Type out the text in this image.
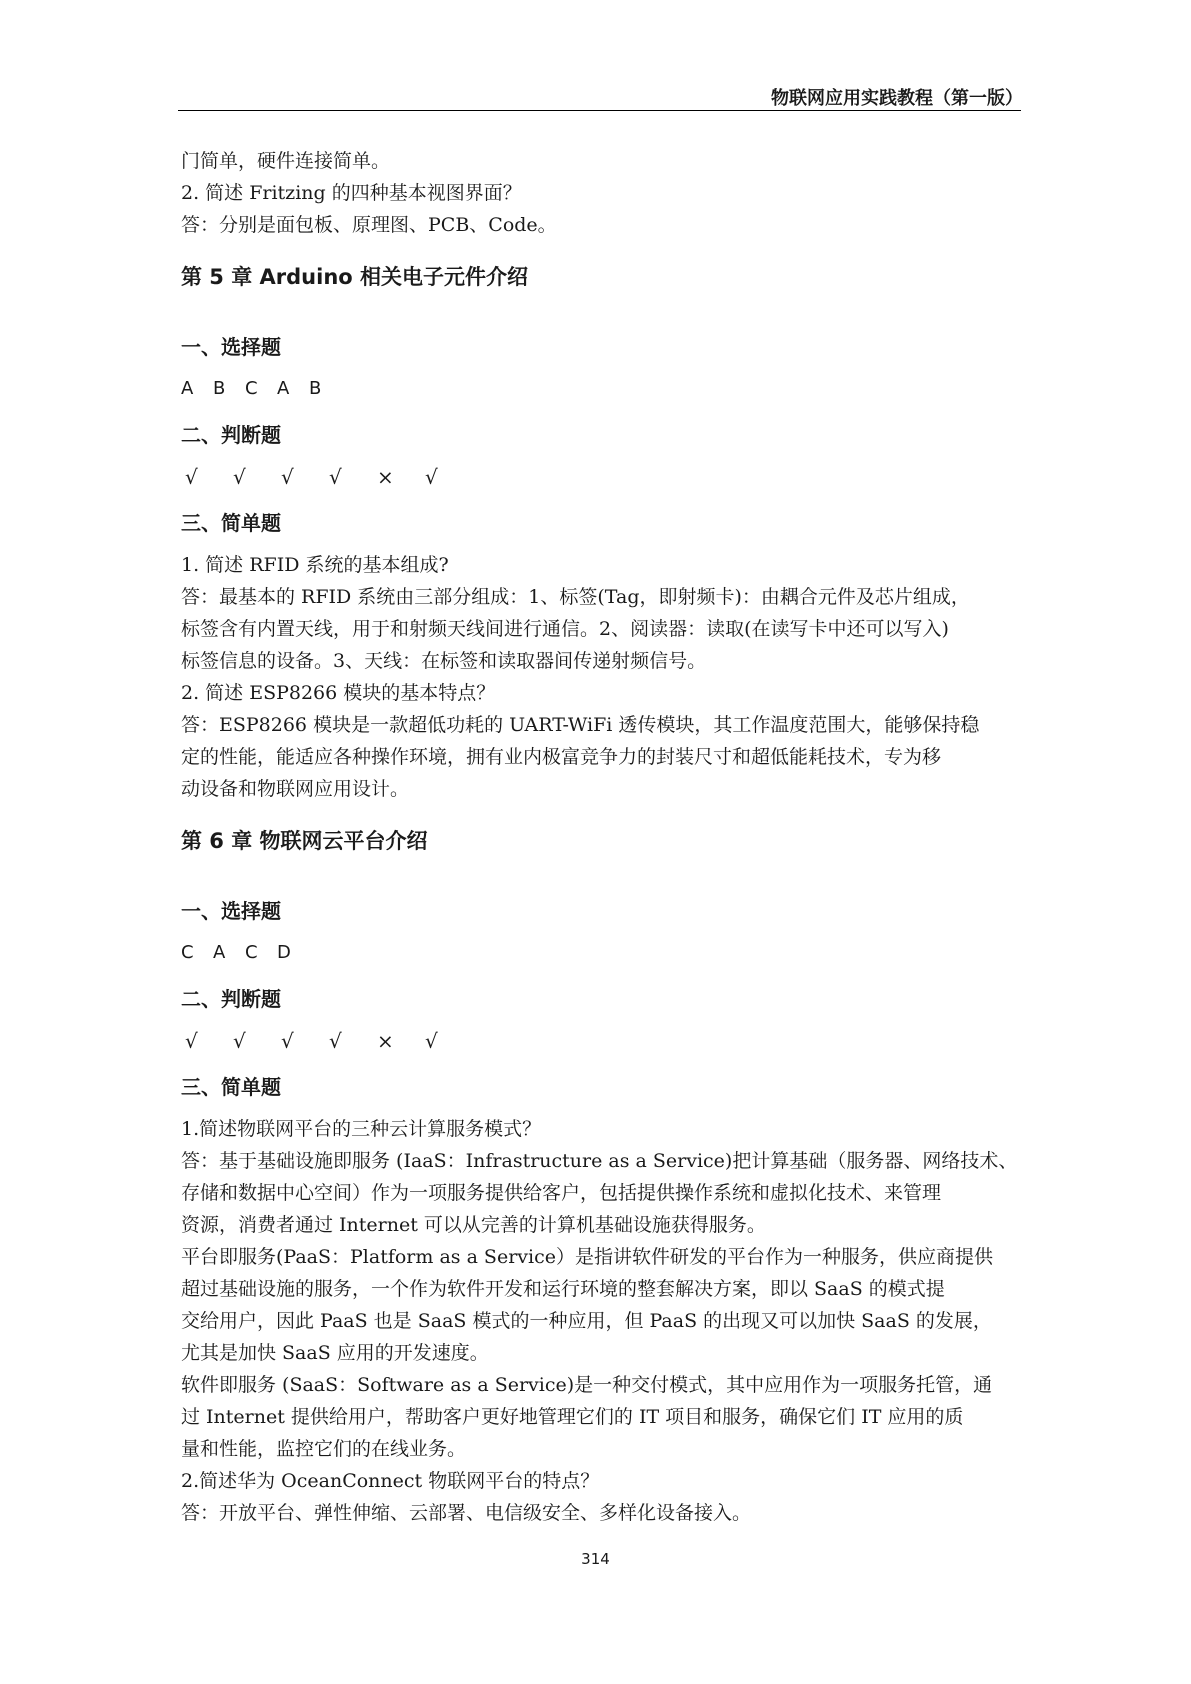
物联网应用实践教程（第一版）

门简单，硬件连接简单。

2. 简述 Fritzing 的四种基本视图界面？

答：分别是面包板、原理图、PCB、Code。

第 5 章 Arduino 相关电子元件介绍
一、选择题
A	B	C	A	B
二、判断题
√	√	√	√	×	√
三、简单题

1. 简述 RFID 系统的基本组成?

答：最基本的 RFID 系统由三部分组成：1、标签(Tag，即射频卡)：由耦合元件及芯片组成，

标签含有内置天线，用于和射频天线间进行通信。2、阅读器：读取(在读写卡中还可以写入)

标签信息的设备。3、天线：在标签和读取器间传递射频信号。

2. 简述 ESP8266 模块的基本特点？

答：ESP8266 模块是一款超低功耗的 UART-WiFi 透传模块，其工作温度范围大，能够保持稳

定的性能，能适应各种操作环境，拥有业内极富竞争力的封装尺寸和超低能耗技术，专为移

动设备和物联网应用设计。

第 6 章 物联网云平台介绍
一、选择题
C	A	C	D
二、判断题
√	√	√	√	×	√
三、简单题

1.简述物联网平台的三种云计算服务模式？

答：基于基础设施即服务 (IaaS：Infrastructure as a Service)把计算基础（服务器、网络技术、

存储和数据中心空间）作为一项服务提供给客户，包括提供操作系统和虚拟化技术、来管理

资源，消费者通过 Internet 可以从完善的计算机基础设施获得服务。

平台即服务(PaaS：Platform as a Service）是指讲软件研发的平台作为一种服务，供应商提供

超过基础设施的服务，一个作为软件开发和运行环境的整套解决方案，即以 SaaS 的模式提

交给用户，因此 PaaS 也是 SaaS 模式的一种应用，但 PaaS 的出现又可以加快 SaaS 的发展，

尤其是加快 SaaS 应用的开发速度。

软件即服务 (SaaS：Software as a Service)是一种交付模式，其中应用作为一项服务托管，通

过 Internet 提供给用户，帮助客户更好地管理它们的 IT 项目和服务，确保它们 IT 应用的质

量和性能，监控它们的在线业务。

2.简述华为 OceanConnect 物联网平台的特点？

答：开放平台、弹性伸缩、云部署、电信级安全、多样化设备接入。

314
